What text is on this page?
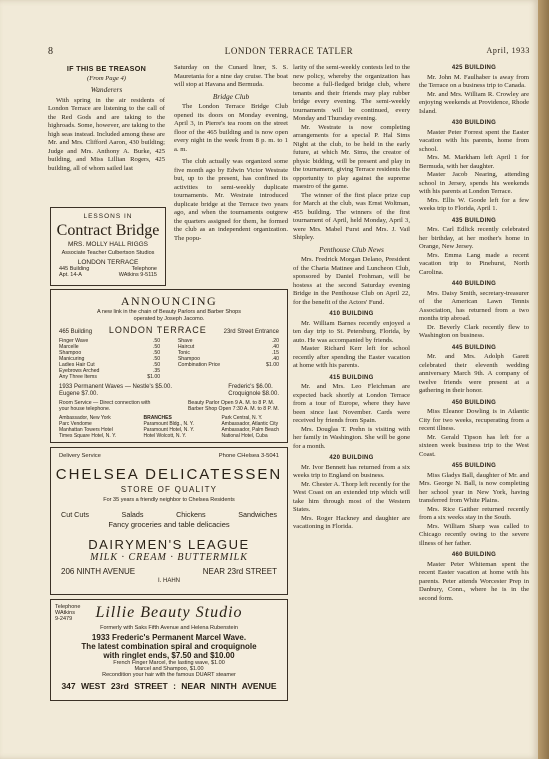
8	LONDON TERRACE TATLER	April, 1933
IF THIS BE TREASON
(From Page 4)
Wanderers

With spring in the air residents of London Terrace are listening to the call of the Red Gods and are taking to the highroads. Some, however, are taking to the high seas instead. Included among these are Mr. and Mrs. Clifford Aaron, 430 building; Judge and Mrs. Anthony A. Burke, 425 building, and Miss Lillian Rogers, 425 building, all of whom sailed last

LESSONS IN
Contract Bridge
MRS. MOLLY HALL RIGGS
Associate Teacher Culbertson Studios
LONDON TERRACE
445 Building	Telephone
Apt. 14-A	WAtkins 9-5115
ANNOUNCING
A new link in the chain of Beauty Parlors and Barber Shops
operated by Joseph Jacomo.
465 Building LONDON TERRACE	23rd Street Entrance
Finger Wave	.50
Marcelle	.50
Shampoo	.50
Manicuring	.50
Ladies Hair Cut	.50
Eyebrows Arched	.35
Any Three Items	$1.00
Shave	.20
Haircut	.40
Tonic	.15
Shampoo	.40
Combination Price	$1.00
1933 Permanent Waves — Nestle's $5.00.
Eugene $7.00.
Frederic's $6.00.
Croquignole $8.00.
Room Service — Direct connection with your house telephone.
Beauty Parlor Open 9 A. M. to 8 P. M.
Barber Shop Open 7:30 A. M. to 8 P. M.
Ambassador, New York
Parc Vendome
Manhattan Towers Hotel
Times Square Hotel, N. Y.
BRANCHES
Paramount Bldg., N. Y.
Paramount Hotel, N. Y.
Hotel Wolcott, N. Y.
Park Central, N. Y.
Ambassador, Atlantic City
Ambassador, Palm Beach
National Hotel, Cuba
Delivery Service	Phone CHelsea 3-5041
CHELSEA DELICATESSEN
STORE OF QUALITY
For 35 years a friendly neighbor to Chelsea Residents
Cut Cuts	Salads	Chickens	Sandwiches
Fancy groceries and table delicacies
DAIRYMEN'S LEAGUE
MILK · CREAM · BUTTERMILK
206 NINTH AVENUE	NEAR 23rd STREET
I. HAHN
Telephone
WAtkins
9-2479	Lillie Beauty Studio
Formerly with Saks Fifth Avenue and Helena Rubenstein
1933 Frederic's Permanent Marcel Wave.
The latest combination spiral and croquignole
with ringlet ends, $7.50 and $10.00
French Finger Marcel, the lasting wave, $1.00
Marcel and Shampoo, $1.00
Recondition your hair with the famous DUART steamer
347 WEST 23rd STREET : NEAR NINTH AVENUE

Saturday on the Cunard liner, S. S. Mauretania for a nine day cruise. The boat will stop at Havana and Bermuda.

Bridge Club

The London Terrace Bridge Club opened its doors on Monday evening, April 3, in Pierre's tea room on the street floor of the 465 building and is now open every night in the week from 8 p. m. to 1 a. m.

The club actually was organized some five month ago by Edwin Victor Westrate but, up to the present, has confined its activities to semi-weekly duplicate tournaments. Mr. Westrate introduced duplicate bridge at the Terrace two years ago, and when the tournaments outgrew the quarters assigned for them, he formed the club as an independent organization. The popu-

larity of the semi-weekly contests led to the new policy, whereby the organization has become a full-fledged bridge club, where tenants and their friends may play rubber bridge every evening. The semi-weekly tournaments will be continued, every Monday and Thursday evening.

Mr. Westrate is now completing arrangements for a special P. Hal Sims Night at the club, to be held in the early future, at which Mr. Sims, the creator of physic bidding, will be present and play in the tournament, giving Terrace residents the opportunity to play against the supreme maestro of the game.

The winner of the first place prize cup for March at the club, was Ernst Woltman, 455 building. The winners of the first tournament of April, held Monday, April 3, were Mrs. Mabel Furst and Mrs. J. Vail Shipley.

Penthouse Club News

Mrs. Fredrick Morgan Delano, President of the Charia Matinee and Luncheon Club, sponsored by Daniel Frohman, will be hostess at the second Saturday evening Bridge in the Penthouse Club on April 22, for the benefit of the Actors' Fund.

410 BUILDING

Mr. William Barnes recently enjoyed a ten day trip to St. Petersburg, Florida, by auto. He was accompanied by friends.

Master Richard Kerr left for school recently after spending the Easter vacation at home with his parents.

415 BUILDING

Mr. and Mrs. Leo Fleichman are expected back shortly at London Terrace from a tour of Europe, where they have been since last November. Cards were received by friends from Spain.

Mrs. Douglas T. Prehn is visiting with her family in Washington. She will be gone for a month.

420 BUILDING

Mr. Ivor Bennett has returned from a six weeks trip to England on business.

Mr. Chester A. Thorp left recently for the West Coast on an extended trip which will take him through most of the Western States.

Mrs. Roger Hackney and daughter are vacationing in Florida.

425 BUILDING

Mr. John M. Faulhaber is away from the Terrace on a business trip to Canada.

Mr. and Mrs. William R. Crowley are enjoying weekends at Providence, Rhode Island.

430 BUILDING

Master Peter Forrest spent the Easter vacation with his parents, home from school.

Mrs. M. Markham left April 1 for Bermuda, with her daughter.

Master Jacob Nearing, attending school in Jersey, spends his weekends with his parents at London Terrace.

Mrs. Ellis W. Goode left for a few weeks trip to Florida, April 1.

435 BUILDING

Mrs. Carl Edlick recently celebrated her birthday, at her mother's home in Orange, New Jersey.

Mrs. Emma Lang made a recent vacation trip to Pinehurst, North Carolina.

440 BUILDING

Mrs. Daisy Smith, secretary-treasurer of the American Lawn Tennis Association, has returned from a two months trip abroad.

Dr. Beverly Clark recently flew to Washington on business.

445 BUILDING

Mr. and Mrs. Adolph Garett celebrated their eleventh wedding anniversary March 9th. A company of twelve friends were present at a gathering in their honor.

450 BUILDING

Miss Eleanor Dowling is in Atlantic City for two weeks, recuperating from a recent illness.

Mr. Gerald Tipson has left for a sixteen week business trip to the West Coast.

455 BUILDING

Miss Gladys Ball, daughter of Mr. and Mrs. George N. Ball, is now completing her school year in New York, having transferred from White Plains.

Mrs. Rice Gaither returned recently from a six weeks stay in the South.

Mrs. William Sharp was called to Chicago recently owing to the severe illness of her father.

460 BUILDING

Master Peter Whiteman spent the recent Easter vacation at home with his parents. Peter attends Worcester Prep in Danbury, Conn., where he is in the second form.
